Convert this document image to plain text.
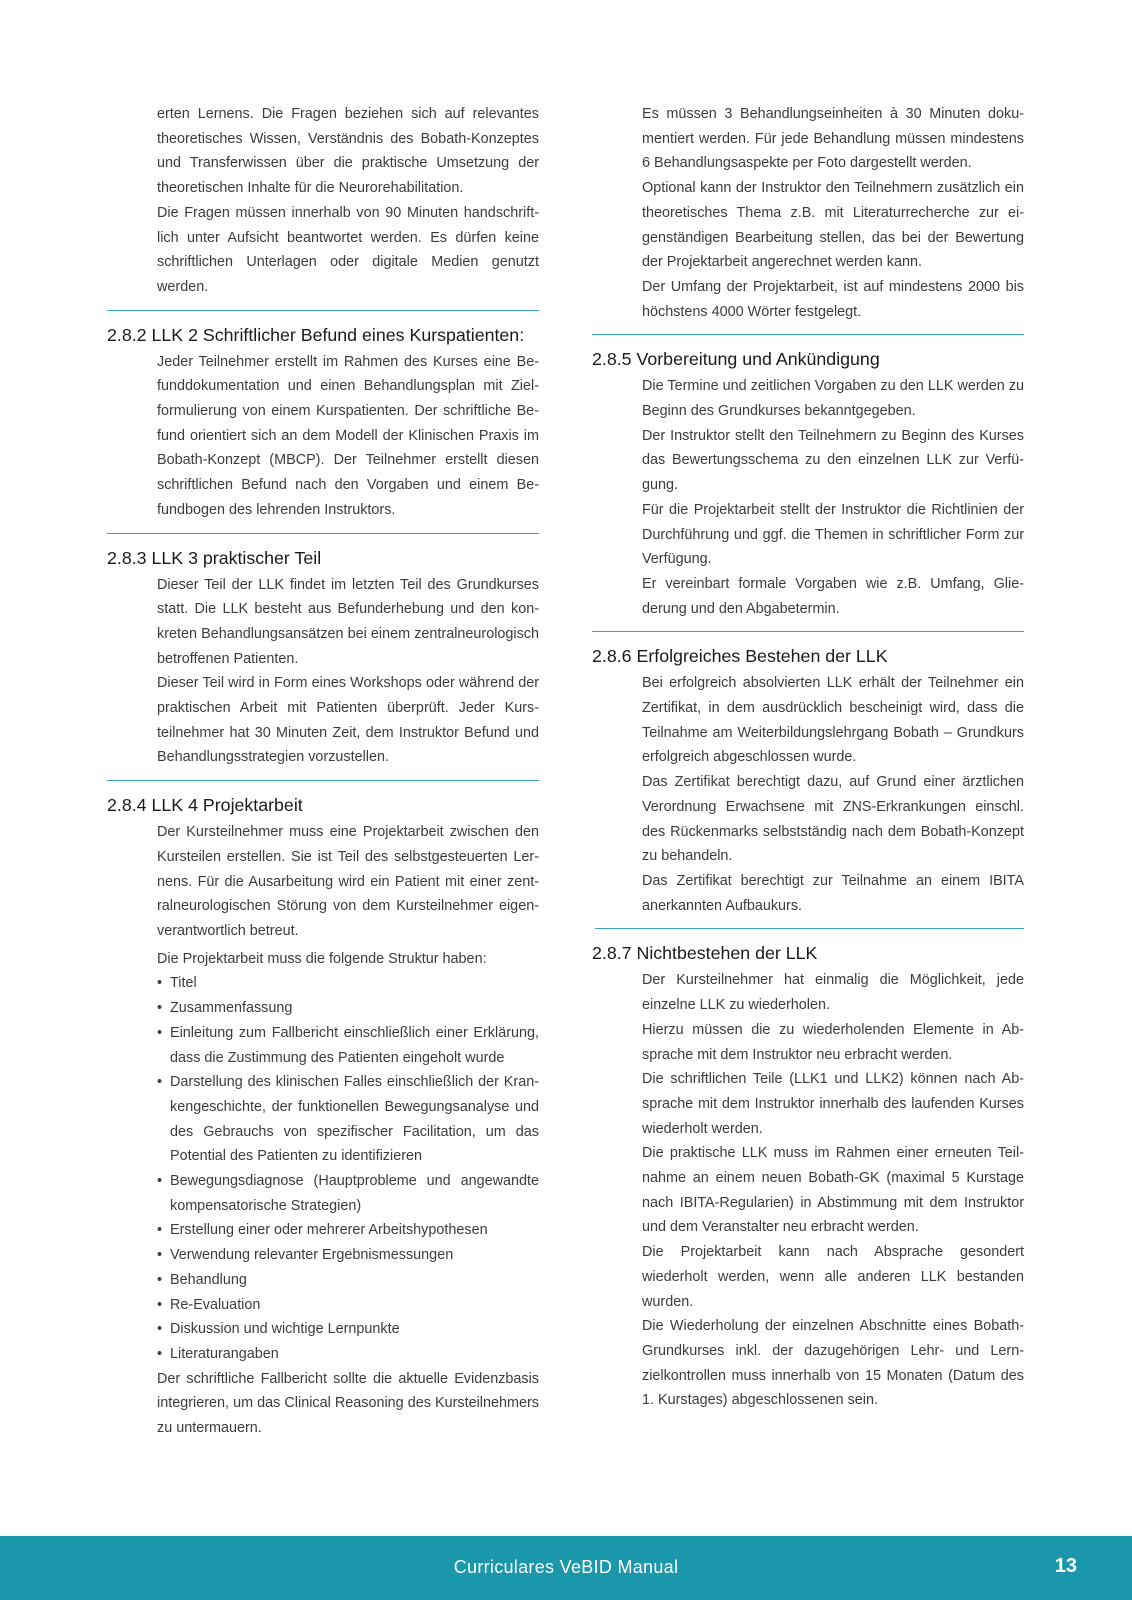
erten Lernens. Die Fragen beziehen sich auf relevantes theoretisches Wissen, Verständnis des Bobath-Konzeptes und Transferwissen über die praktische Umsetzung der theoretischen Inhalte für die Neurorehabilitation.

Die Fragen müssen innerhalb von 90 Minuten handschriftlich unter Aufsicht beantwortet werden. Es dürfen keine schriftlichen Unterlagen oder digitale Medien genutzt werden.

2.8.2 LLK 2 Schriftlicher Befund eines Kurspatienten:

Jeder Teilnehmer erstellt im Rahmen des Kurses eine Befunddokumentation und einen Behandlungsplan mit Zielformulierung von einem Kurspatienten. Der schriftliche Befund orientiert sich an dem Modell der Klinischen Praxis im Bobath-Konzept (MBCP). Der Teilnehmer erstellt diesen schriftlichen Befund nach den Vorgaben und einem Befundbogen des lehrenden Instruktors.

2.8.3 LLK 3 praktischer Teil

Dieser Teil der LLK findet im letzten Teil des Grundkurses statt. Die LLK besteht aus Befunderhebung und den konkreten Behandlungsansätzen bei einem zentralneurologisch betroffenen Patienten.

Dieser Teil wird in Form eines Workshops oder während der praktischen Arbeit mit Patienten überprüft. Jeder Kursteilnehmer hat 30 Minuten Zeit, dem Instruktor Befund und Behandlungsstrategien vorzustellen.

2.8.4 LLK 4 Projektarbeit

Der Kursteilnehmer muss eine Projektarbeit zwischen den Kursteilen erstellen. Sie ist Teil des selbstgesteuerten Lernens. Für die Ausarbeitung wird ein Patient mit einer zentralneurologischen Störung von dem Kursteilnehmer eigenverantwortlich betreut.

Die Projektarbeit muss die folgende Struktur haben:

• Titel
• Zusammenfassung
• Einleitung zum Fallbericht einschließlich einer Erklärung, dass die Zustimmung des Patienten eingeholt wurde
• Darstellung des klinischen Falles einschließlich der Krankengeschichte, der funktionellen Bewegungsanalyse und des Gebrauchs von spezifischer Facilitation, um das Potential des Patienten zu identifizieren
• Bewegungsdiagnose (Hauptprobleme und angewandte kompensatorische Strategien)
• Erstellung einer oder mehrerer Arbeitshypothesen
• Verwendung relevanter Ergebnismessungen
• Behandlung
• Re-Evaluation
• Diskussion und wichtige Lernpunkte
• Literaturangaben

Der schriftliche Fallbericht sollte die aktuelle Evidenzbasis integrieren, um das Clinical Reasoning des Kursteilnehmers zu untermauern.

Es müssen 3 Behandlungseinheiten à 30 Minuten dokumentiert werden. Für jede Behandlung müssen mindestens 6 Behandlungsaspekte per Foto dargestellt werden.

Optional kann der Instruktor den Teilnehmern zusätzlich ein theoretisches Thema z.B. mit Literaturrecherche zur eigenständigen Bearbeitung stellen, das bei der Bewertung der Projektarbeit angerechnet werden kann.

Der Umfang der Projektarbeit, ist auf mindestens 2000 bis höchstens 4000 Wörter festgelegt.

2.8.5 Vorbereitung und Ankündigung

Die Termine und zeitlichen Vorgaben zu den LLK werden zu Beginn des Grundkurses bekanntgegeben.

Der Instruktor stellt den Teilnehmern zu Beginn des Kurses das Bewertungsschema zu den einzelnen LLK zur Verfügung.

Für die Projektarbeit stellt der Instruktor die Richtlinien der Durchführung und ggf. die Themen in schriftlicher Form zur Verfügung.

Er vereinbart formale Vorgaben wie z.B. Umfang, Gliederung und den Abgabetermin.

2.8.6 Erfolgreiches Bestehen der LLK

Bei erfolgreich absolvierten LLK erhält der Teilnehmer ein Zertifikat, in dem ausdrücklich bescheinigt wird, dass die Teilnahme am Weiterbildungslehrgang Bobath – Grundkurs erfolgreich abgeschlossen wurde.

Das Zertifikat berechtigt dazu, auf Grund einer ärztlichen Verordnung Erwachsene mit ZNS-Erkrankungen einschl. des Rückenmarks selbstständig nach dem Bobath-Konzept zu behandeln.

Das Zertifikat berechtigt zur Teilnahme an einem IBITA anerkannten Aufbaukurs.

2.8.7 Nichtbestehen der LLK

Der Kursteilnehmer hat einmalig die Möglichkeit, jede einzelne LLK zu wiederholen.

Hierzu müssen die zu wiederholenden Elemente in Absprache mit dem Instruktor neu erbracht werden.

Die schriftlichen Teile (LLK1 und LLK2) können nach Absprache mit dem Instruktor innerhalb des laufenden Kurses wiederholt werden.

Die praktische LLK muss im Rahmen einer erneuten Teilnahme an einem neuen Bobath-GK (maximal 5 Kurstage nach IBITA-Regularien) in Abstimmung mit dem Instruktor und dem Veranstalter neu erbracht werden.

Die Projektarbeit kann nach Absprache gesondert wiederholt werden, wenn alle anderen LLK bestanden wurden.

Die Wiederholung der einzelnen Abschnitte eines Bobath-Grundkurses inkl. der dazugehörigen Lehr- und Lernzielkontrollen muss innerhalb von 15 Monaten (Datum des 1. Kurstages) abgeschlossenen sein.

Curriculares VeBID Manual	13
